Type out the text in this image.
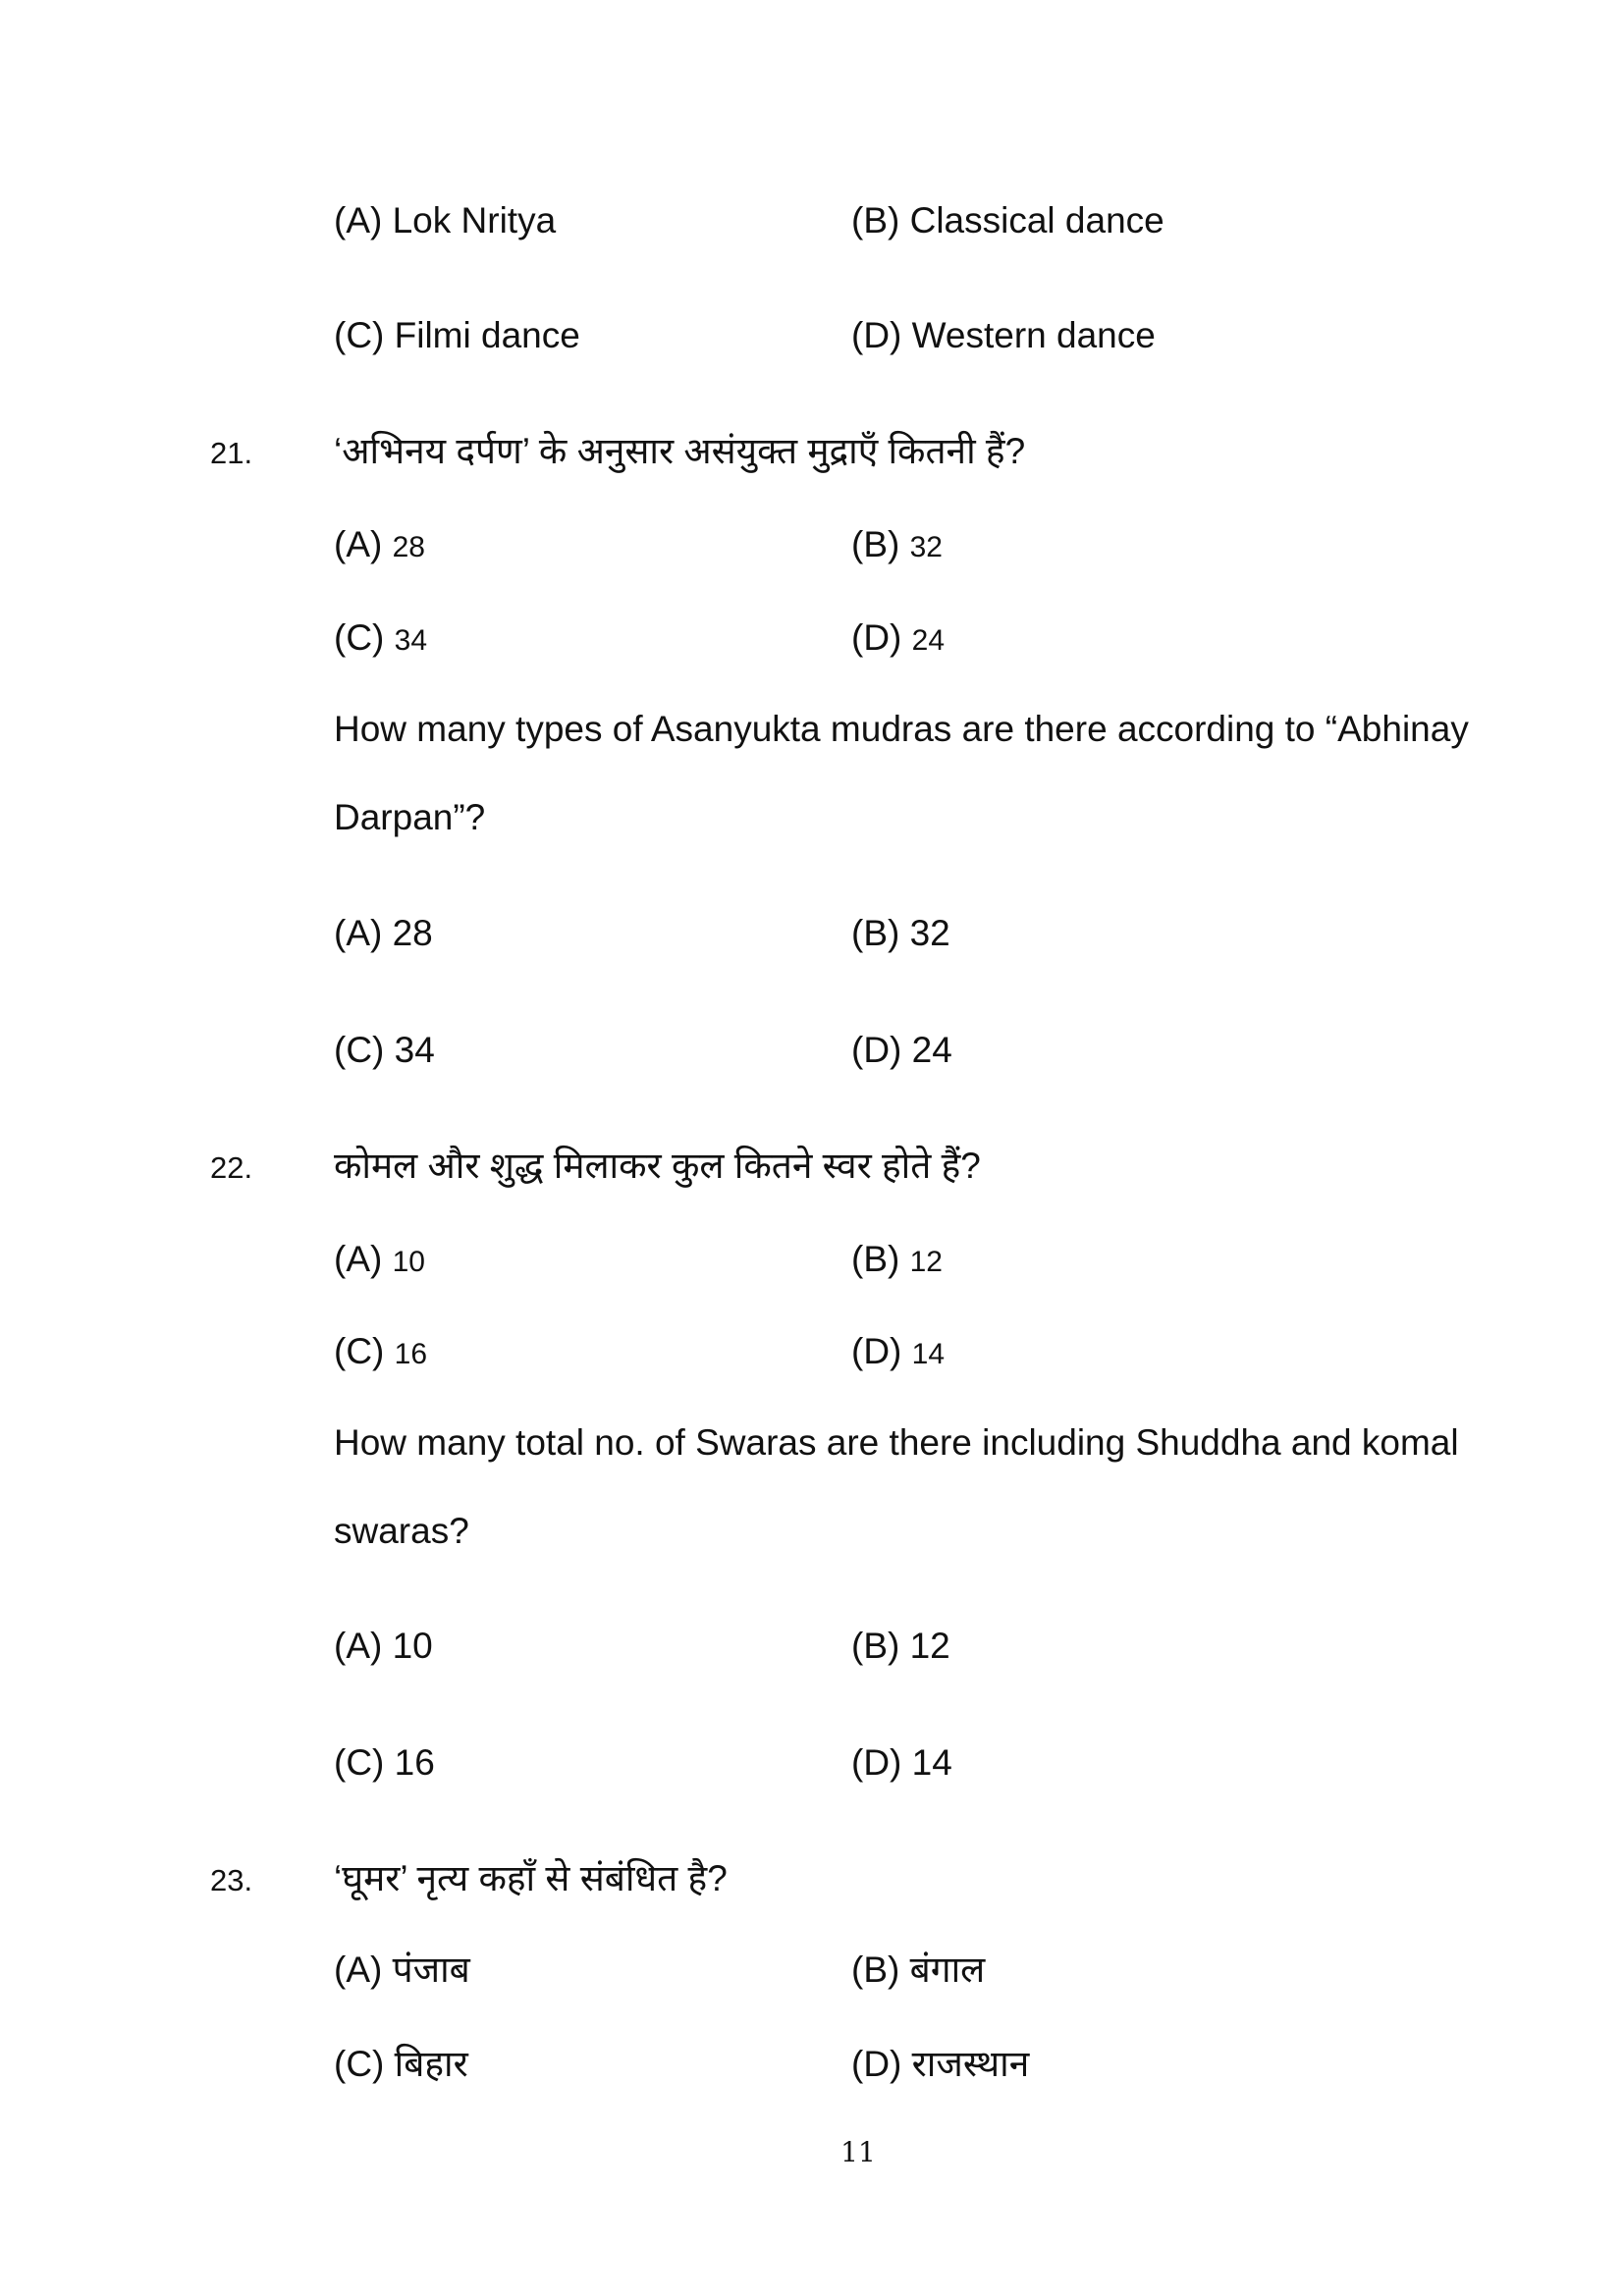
(A) Lok Nritya	(B) Classical dance
(C) Filmi dance	(D) Western dance
21. ‘अभिनय दर्पण’ के अनुसार असंयुक्त मुद्राएँ कितनी हैं?
(A) 28	(B) 32
(C) 34	(D) 24
How many types of Asanyukta mudras are there according to “Abhinay
Darpan”?
(A) 28	(B) 32
(C) 34	(D) 24
22. कोमल और शुद्ध मिलाकर कुल कितने स्वर होते हैं?
(A) 10	(B) 12
(C) 16	(D) 14
How many total no. of Swaras are there including Shuddha and komal
swaras?
(A) 10	(B) 12
(C) 16	(D) 14
23. ‘घूमर’ नृत्य कहाँ से संबंधित है?
(A) पंजाब	(B) बंगाल
(C) बिहार	(D) राजस्थान
11
